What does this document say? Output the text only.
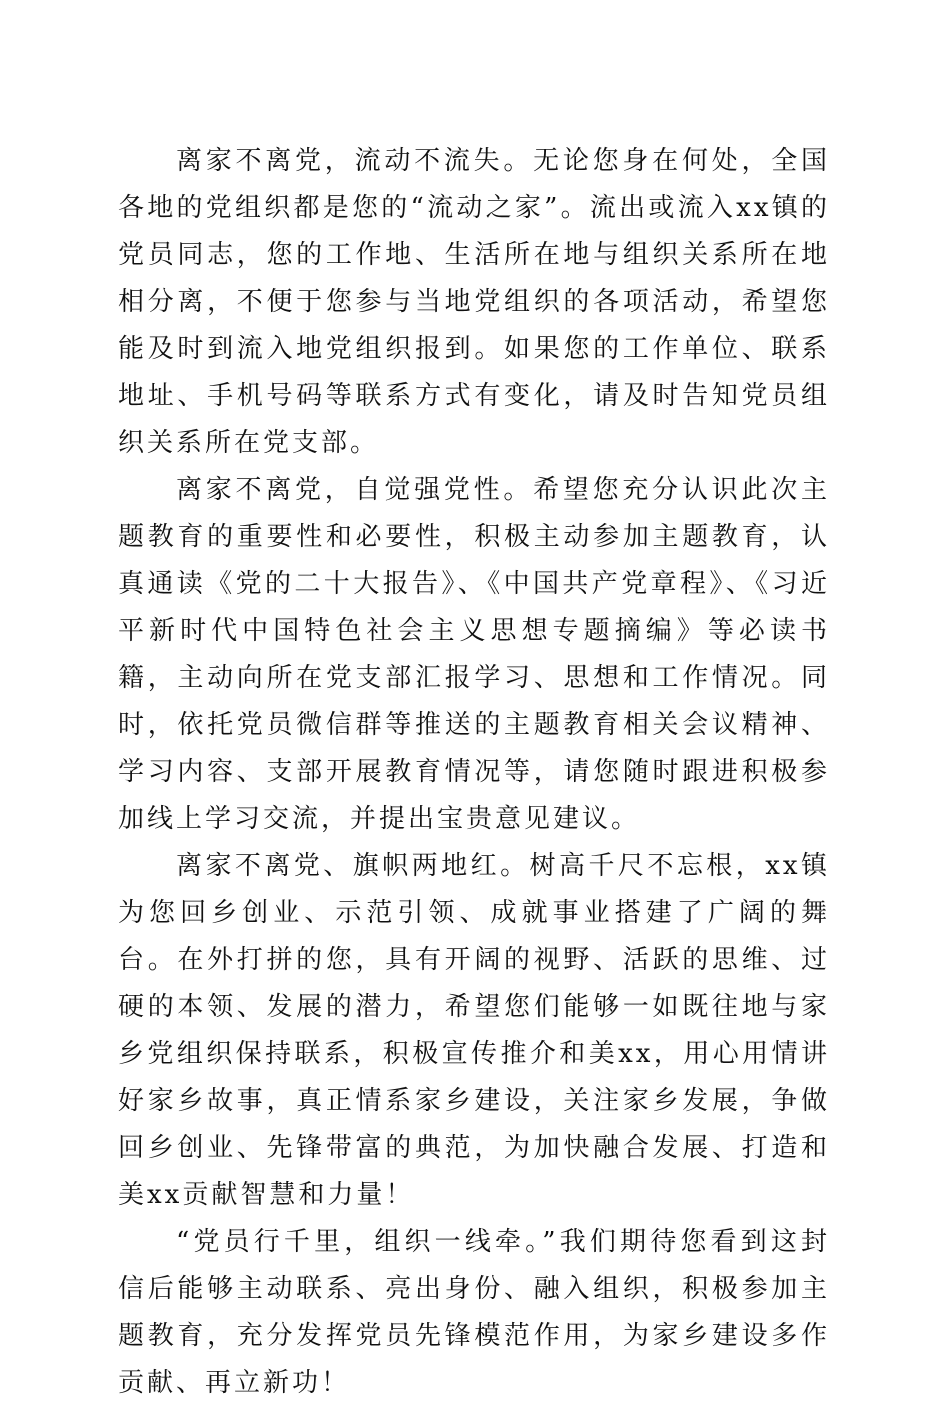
离家不离党，流动不流失。无论您身在何处，全国各地的党组织都是您的“流动之家”。流出或流入xx镇的党员同志，您的工作地、生活所在地与组织关系所在地相分离，不便于您参与当地党组织的各项活动，希望您能及时到流入地党组织报到。如果您的工作单位、联系地址、手机号码等联系方式有变化，请及时告知党员组织关系所在党支部。

离家不离党，自觉强党性。希望您充分认识此次主题教育的重要性和必要性，积极主动参加主题教育，认真通读《党的二十大报告》、《中国共产党章程》、《习近平新时代中国特色社会主义思想专题摘编》等必读书籍，主动向所在党支部汇报学习、思想和工作情况。同时，依托党员微信群等推送的主题教育相关会议精神、学习内容、支部开展教育情况等，请您随时跟进积极参加线上学习交流，并提出宝贵意见建议。

离家不离党、旗帜两地红。树高千尺不忘根，xx镇为您回乡创业、示范引领、成就事业搭建了广阔的舞台。在外打拼的您，具有开阔的视野、活跃的思维、过硬的本领、发展的潜力，希望您们能够一如既往地与家乡党组织保持联系，积极宣传推介和美xx，用心用情讲好家乡故事，真正情系家乡建设，关注家乡发展，争做回乡创业、先锋带富的典范，为加快融合发展、打造和美xx贡献智慧和力量！

“党员行千里，组织一线牵。”我们期待您看到这封信后能够主动联系、亮出身份、融入组织，积极参加主题教育，充分发挥党员先锋模范作用，为家乡建设多作贡献、再立新功！
